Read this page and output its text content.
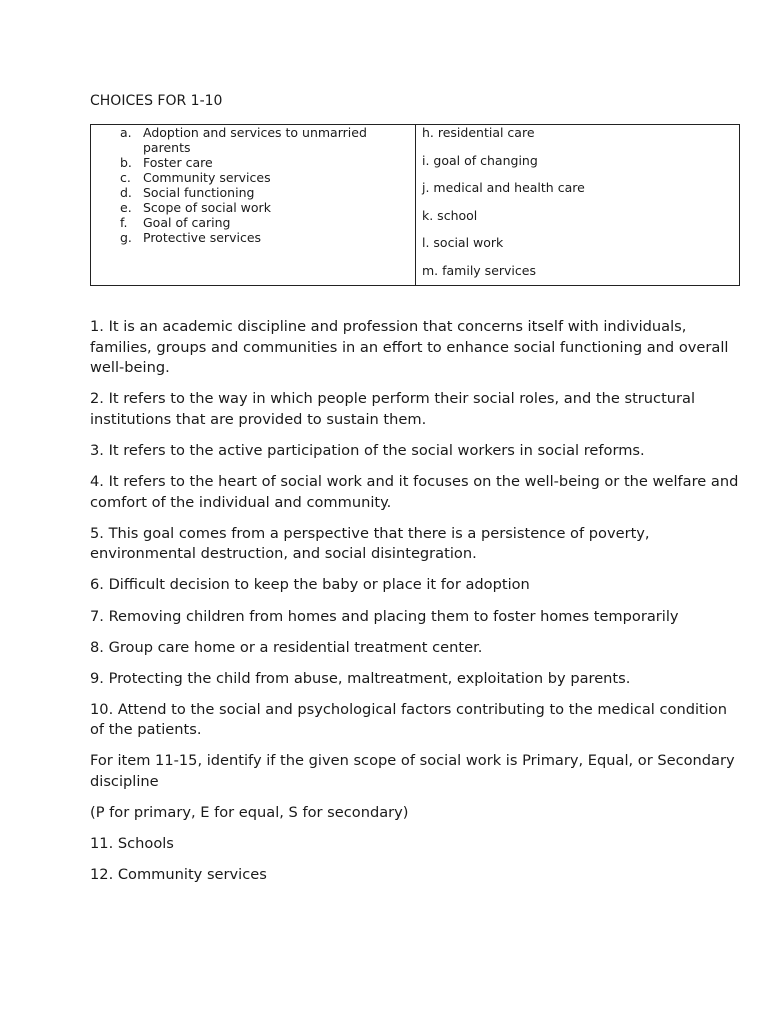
CHOICES FOR 1-10
a. Adoption and services to unmarried parents
b. Foster care
c. Community services
d. Social functioning
e. Scope of social work
f.	Goal of caring
g. Protective services

h. residential care
i. goal of changing
j. medical and health care
k. school
l. social work
m. family services

1. It is an academic discipline and profession that concerns itself with individuals, families, groups and communities in an effort to enhance social functioning and overall well-being.

2. It refers to the way in which people perform their social roles, and the structural institutions that are provided to sustain them.

3. It refers to the active participation of the social workers in social reforms.

4. It refers to the heart of social work and it focuses on the well-being or the welfare and comfort of the individual and community.

5. This goal comes from a perspective that there is a persistence of poverty, environmental destruction, and social disintegration.

6. Difficult decision to keep the baby or place it for adoption

7. Removing children from homes and placing them to foster homes temporarily

8. Group care home or a residential treatment center.

9. Protecting the child from abuse, maltreatment, exploitation by parents.

10. Attend to the social and psychological factors contributing to the medical condition of the patients.

For item 11-15, identify if the given scope of social work is Primary, Equal, or Secondary discipline

(P for primary, E for equal, S for secondary)

11. Schools

12. Community services
